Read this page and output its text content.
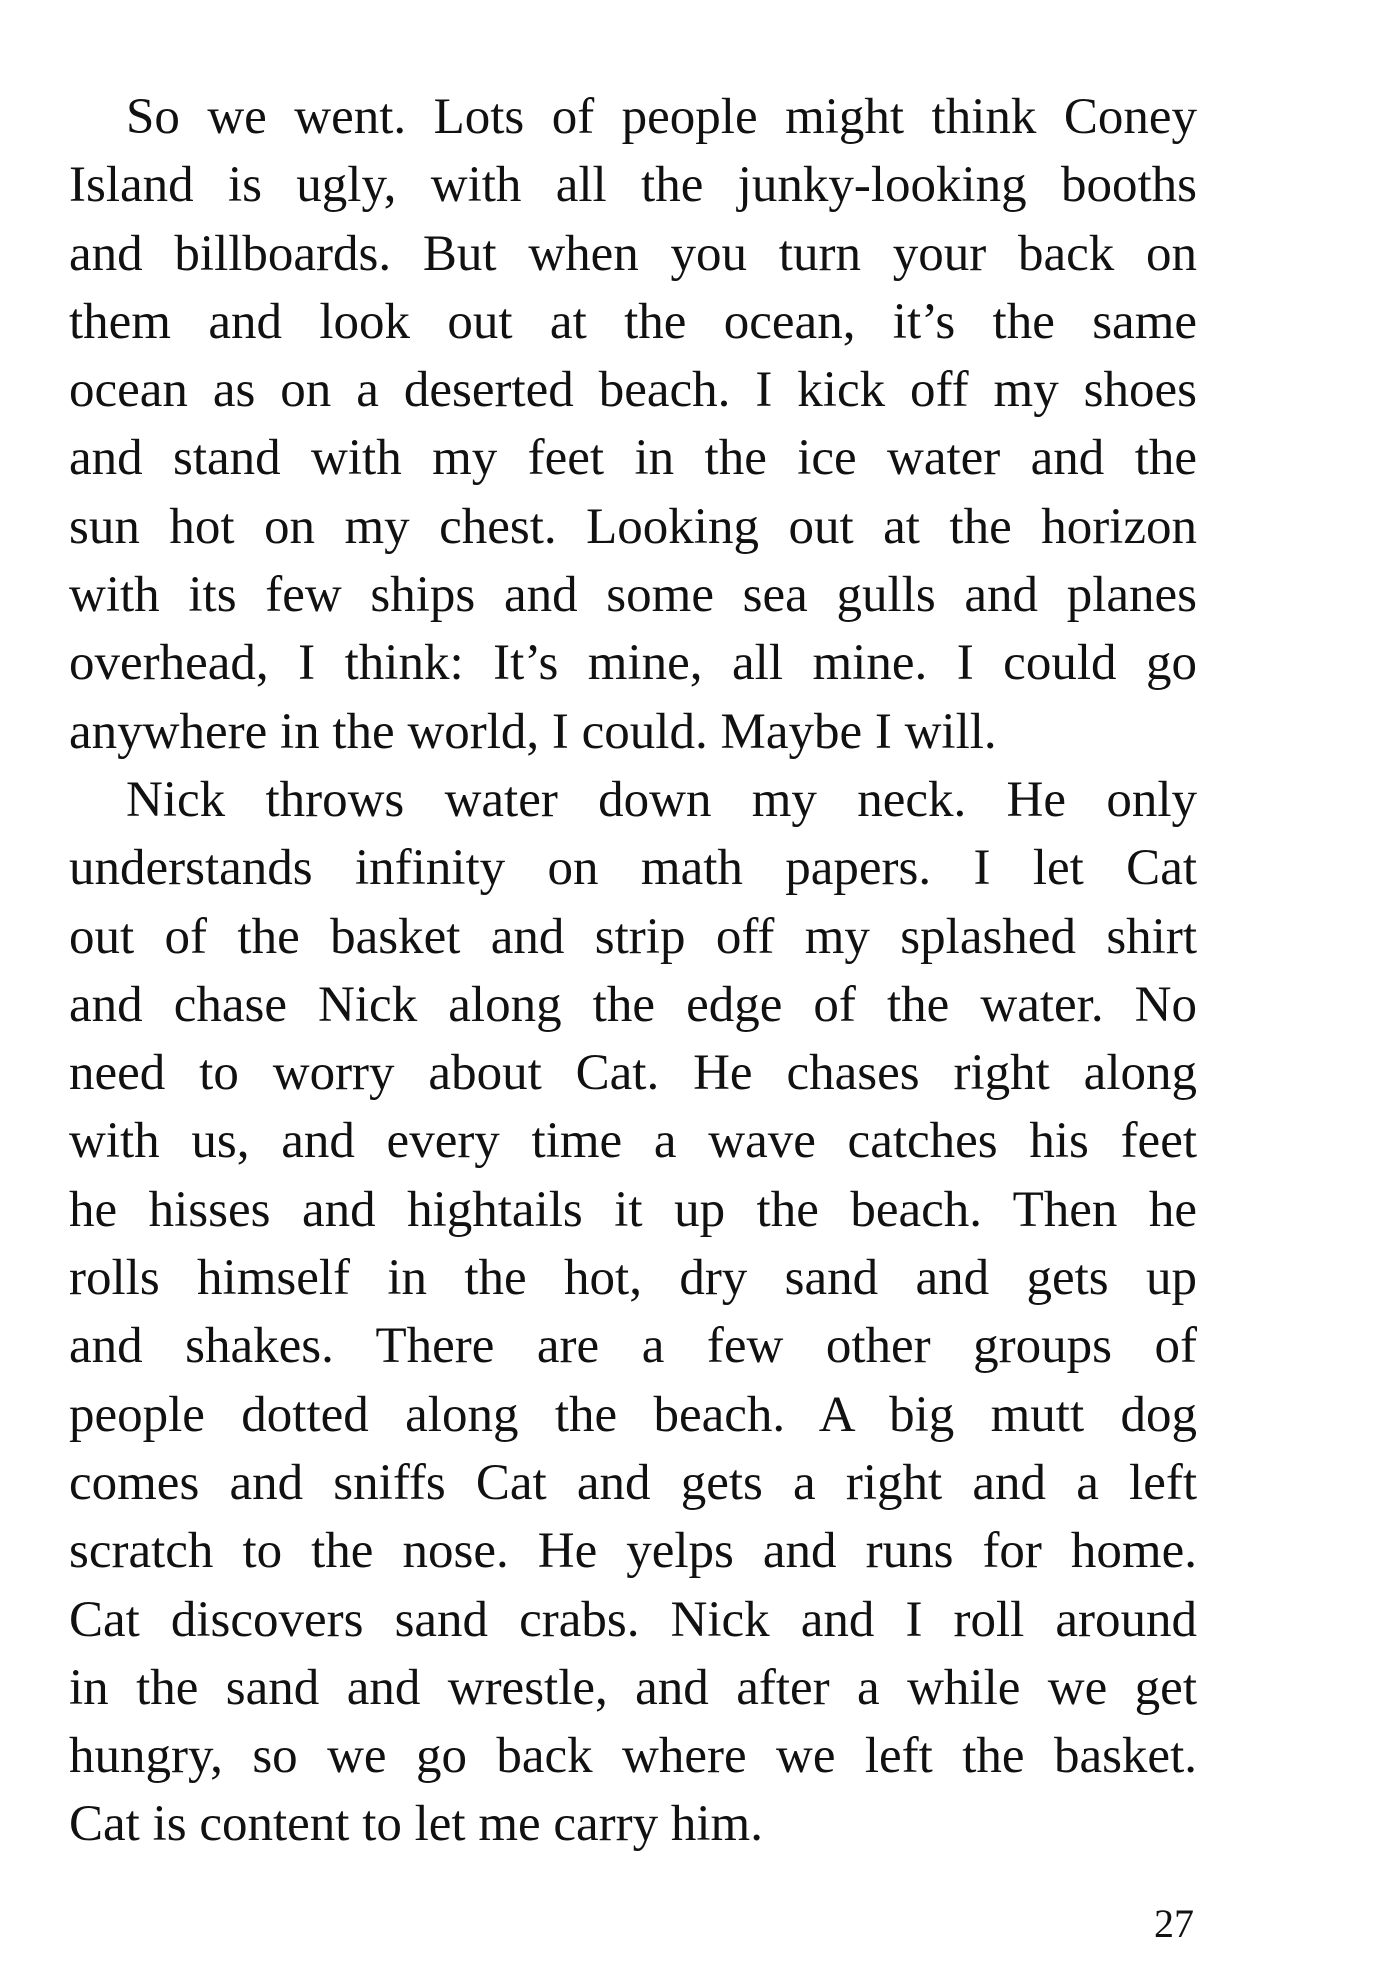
So we went. Lots of people might think Coney
Island is ugly, with all the junky-looking booths
and billboards. But when you turn your back on
them and look out at the ocean, it’s the same
ocean as on a deserted beach. I kick off my shoes
and stand with my feet in the ice water and the
sun hot on my chest. Looking out at the horizon
with its few ships and some sea gulls and planes
overhead, I think: It’s mine, all mine. I could go
anywhere in the world, I could. Maybe I will.
Nick throws water down my neck. He only
understands infinity on math papers. I let Cat
out of the basket and strip off my splashed shirt
and chase Nick along the edge of the water. No
need to worry about Cat. He chases right along
with us, and every time a wave catches his feet
he hisses and hightails it up the beach. Then he
rolls himself in the hot, dry sand and gets up
and shakes. There are a few other groups of
people dotted along the beach. A big mutt dog
comes and sniffs Cat and gets a right and a left
scratch to the nose. He yelps and runs for home.
Cat discovers sand crabs. Nick and I roll around
in the sand and wrestle, and after a while we get
hungry, so we go back where we left the basket.
Cat is content to let me carry him.
27
